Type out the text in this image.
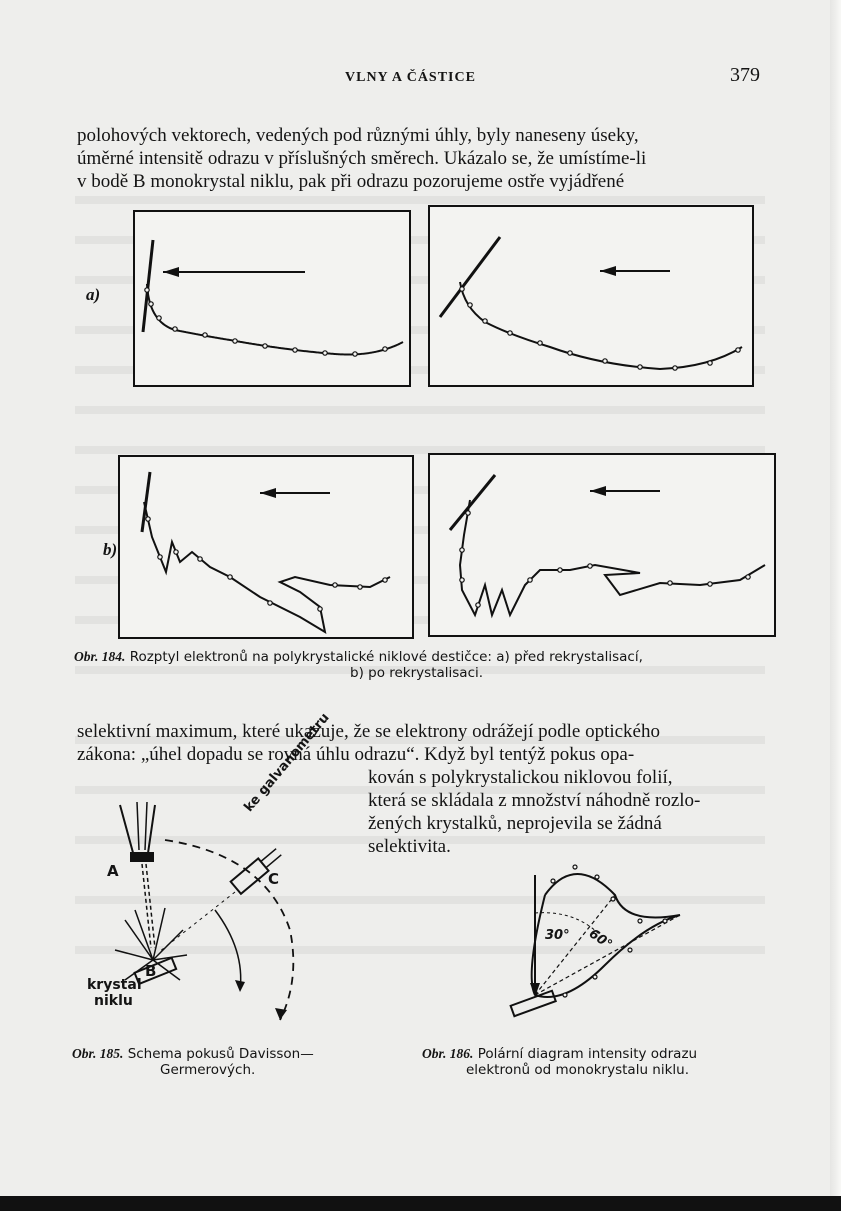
VLNY A ČÁSTICE	379
polohových vektorech, vedených pod různými úhly, byly naneseny úseky,
úměrné intensitě odrazu v příslušných směrech. Ukázalo se, že umístíme-li
v bodě B monokrystal niklu, pak při odrazu pozorujeme ostře vyjádřené
a)
b)
Obr. 184. Rozptyl elektronů na polykrystalické niklové destičce: a) před rekrystalisací,
b) po rekrystalisaci.
selektivní maximum, které ukazuje, že se elektrony odrážejí podle optického
zákona: „úhel dopadu se rovná úhlu odrazu“. Když byl tentýž pokus opa-
kován s polykrystalickou niklovou folií,
která se skládala z množství náhodně rozlo-
žených krystalků, neprojevila se žádná
selektivita.
ke galvanometru
A	C
B
krystal
niklu
30° 60°
Obr. 185. Schema pokusů Davisson—
Germerových.
Obr. 186. Polární diagram intensity odrazu
elektronů od monokrystalu niklu.
